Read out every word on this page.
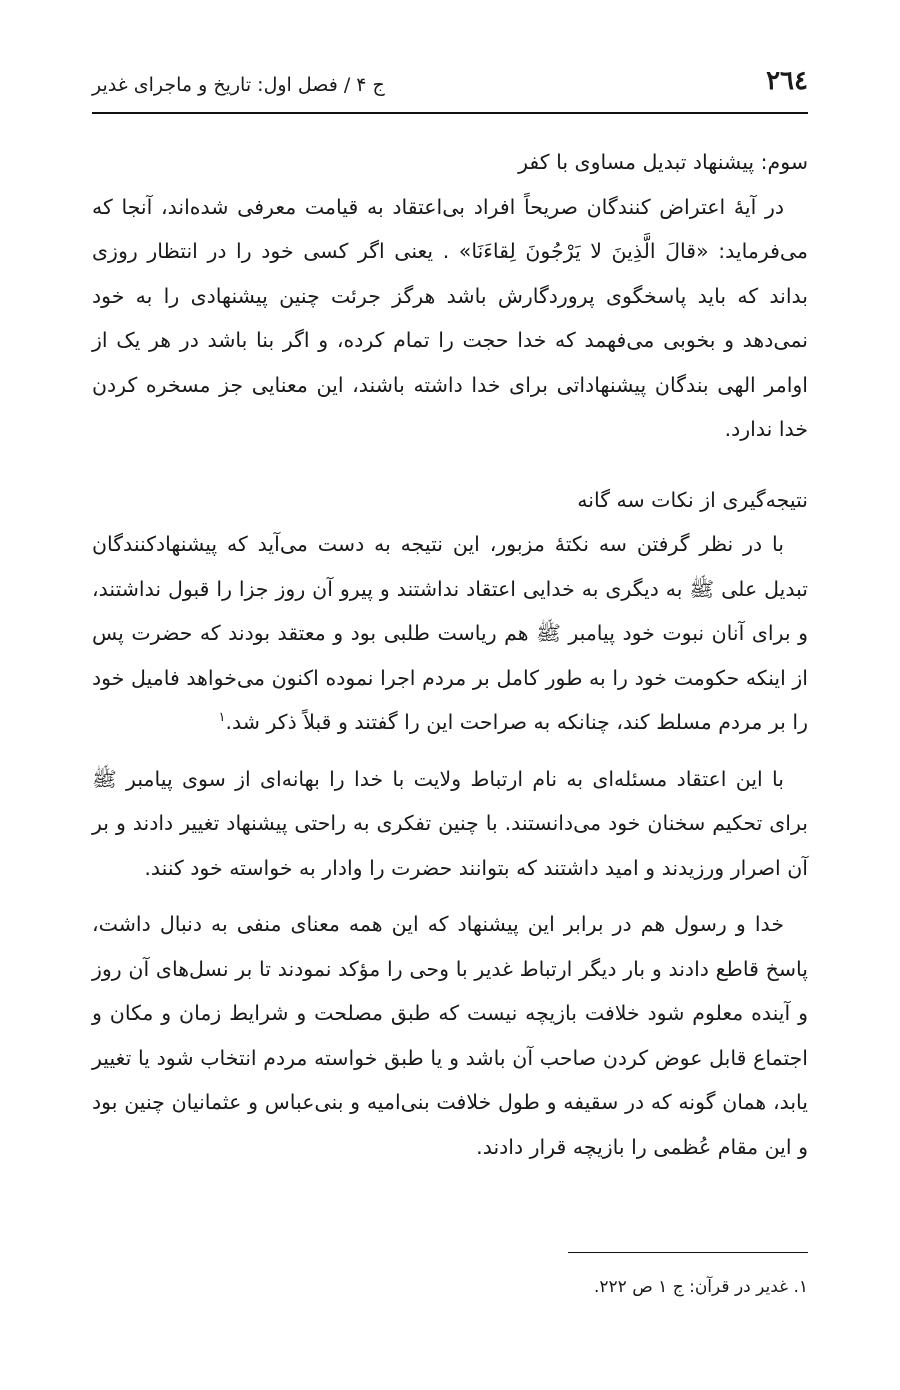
٢٦٤
ج ۴ / فصل اول: تاریخ و ماجرای غدیر
سوم: پیشنهاد تبدیل مساوی با کفر

در آیهٔ اعتراض کنندگان صریحاً افراد بی‌اعتقاد به قیامت معرفی شده‌اند، آنجا که می‌فرماید: «قالَ الَّذِینَ لا یَرْجُونَ لِقاءَنَا» . یعنی اگر کسی خود را در انتظار روزی بداند که باید پاسخگوی پروردگارش باشد هرگز جرئت چنین پیشنهادی را به خود نمی‌دهد و بخوبی می‌فهمد که خدا حجت را تمام کرده، و اگر بنا باشد در هر یک از اوامر الهی بندگان پیشنهاداتی برای خدا داشته باشند، این معنایی جز مسخره کردن خدا ندارد.

نتیجه‌گیری از نکات سه گانه

با در نظر گرفتن سه نکتهٔ مزبور، این نتیجه به دست می‌آید که پیشنهادکنندگان تبدیل علی ﷺ به دیگری به خدایی اعتقاد نداشتند و پیرو آن روز جزا را قبول نداشتند، و برای آنان نبوت خود پیامبر ﷺ هم ریاست طلبی بود و معتقد بودند که حضرت پس از اینکه حکومت خود را به طور کامل بر مردم اجرا نموده اکنون می‌خواهد فامیل خود را بر مردم مسلط کند، چنانکه به صراحت این را گفتند و قبلاً ذکر شد.$^١$

با این اعتقاد مسئله‌ای به نام ارتباط ولایت با خدا را بهانه‌ای از سوی پیامبر ﷺ برای تحکیم سخنان خود می‌دانستند. با چنین تفکری به راحتی پیشنهاد تغییر دادند و بر آن اصرار ورزیدند و امید داشتند که بتوانند حضرت را وادار به خواسته خود کنند.

خدا و رسول هم در برابر این پیشنهاد که این همه معنای منفی به دنبال داشت، پاسخ قاطع دادند و بار دیگر ارتباط غدیر با وحی را مؤکد نمودند تا بر نسل‌های آن روز و آینده معلوم شود خلافت بازیچه نیست که طبق مصلحت و شرایط زمان و مکان و اجتماع قابل عوض کردن صاحب آن باشد و یا طبق خواسته مردم انتخاب شود یا تغییر یابد، همان گونه که در سقیفه و طول خلافت بنی‌امیه و بنی‌عباس و عثمانیان چنین بود و این مقام عُظمی را بازیچه قرار دادند.

١. غدیر در قرآن: ج ١ ص ٢٢٢.
